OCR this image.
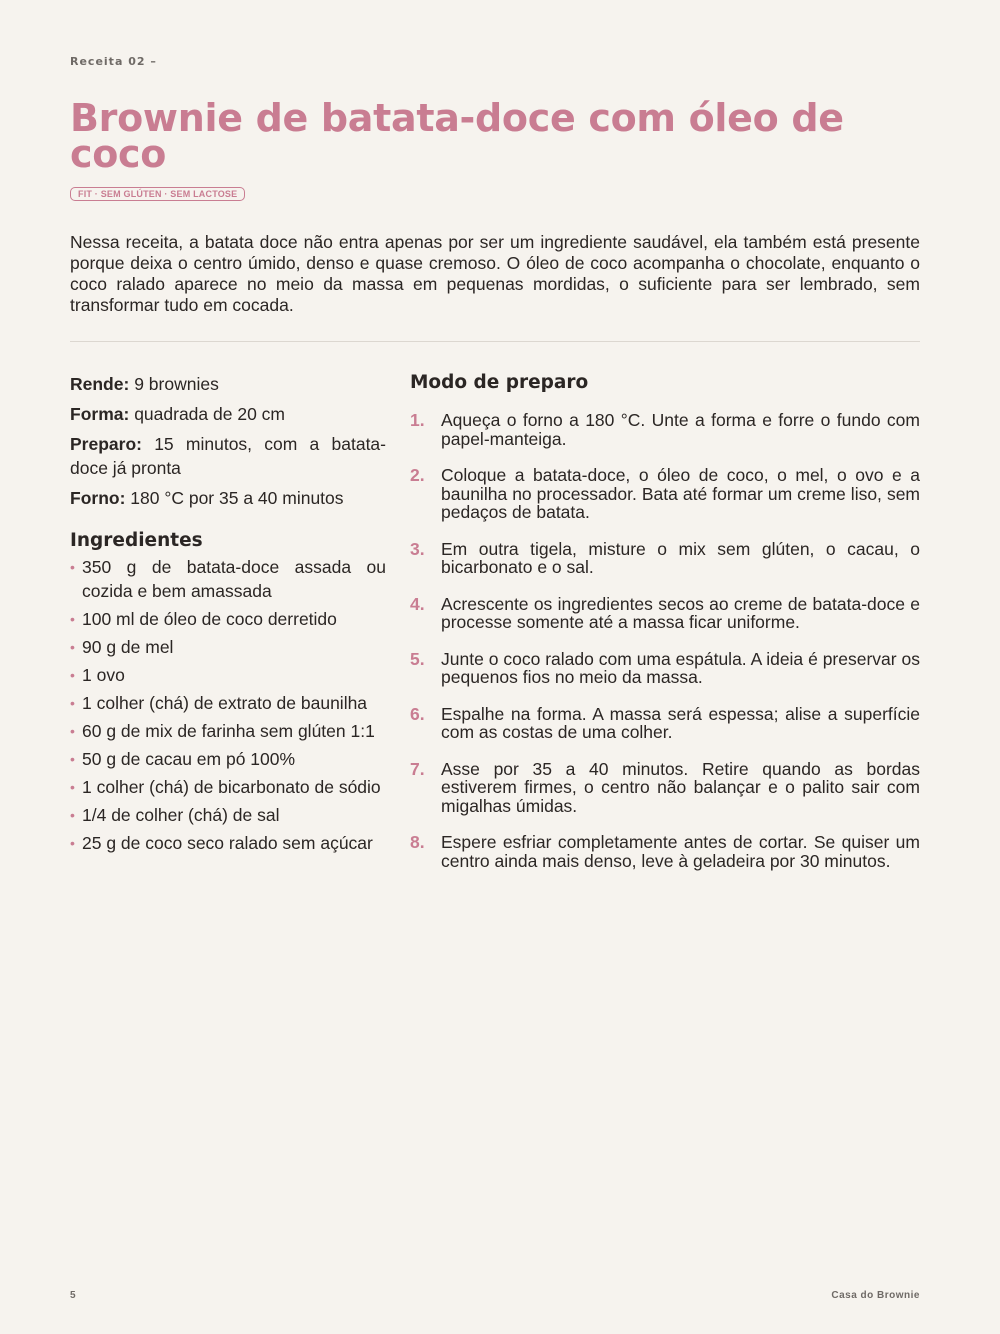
Receita 02 –
Brownie de batata-doce com óleo de coco
FIT · SEM GLÚTEN · SEM LACTOSE

Nessa receita, a batata doce não entra apenas por ser um ingrediente saudável, ela também está presente porque deixa o centro úmido, denso e quase cremoso. O óleo de coco acompanha o chocolate, enquanto o coco ralado aparece no meio da massa em pequenas mordidas, o suficiente para ser lembrado, sem transformar tudo em cocada.

Rende: 9 brownies

Forma: quadrada de 20 cm

Preparo: 15 minutos, com a batata-doce já pronta

Forno: 180 °C por 35 a 40 minutos

Ingredientes
• 350 g de batata-doce assada ou cozida e bem amassada
• 100 ml de óleo de coco derretido
• 90 g de mel
• 1 ovo
• 1 colher (chá) de extrato de baunilha
• 60 g de mix de farinha sem glúten 1:1
• 50 g de cacau em pó 100%
• 1 colher (chá) de bicarbonato de sódio
• 1/4 de colher (chá) de sal
• 25 g de coco seco ralado sem açúcar
Modo de preparo
1. Aqueça o forno a 180 °C. Unte a forma e forre o fundo com papel-manteiga.
2. Coloque a batata-doce, o óleo de coco, o mel, o ovo e a baunilha no processador. Bata até formar um creme liso, sem pedaços de batata.
3. Em outra tigela, misture o mix sem glúten, o cacau, o bicarbonato e o sal.
4. Acrescente os ingredientes secos ao creme de batata-doce e processe somente até a massa ficar uniforme.
5. Junte o coco ralado com uma espátula. A ideia é preservar os pequenos fios no meio da massa.
6. Espalhe na forma. A massa será espessa; alise a superfície com as costas de uma colher.
7. Asse por 35 a 40 minutos. Retire quando as bordas estiverem firmes, o centro não balançar e o palito sair com migalhas úmidas.
8. Espere esfriar completamente antes de cortar. Se quiser um centro ainda mais denso, leve à geladeira por 30 minutos.
5	Casa do Brownie
